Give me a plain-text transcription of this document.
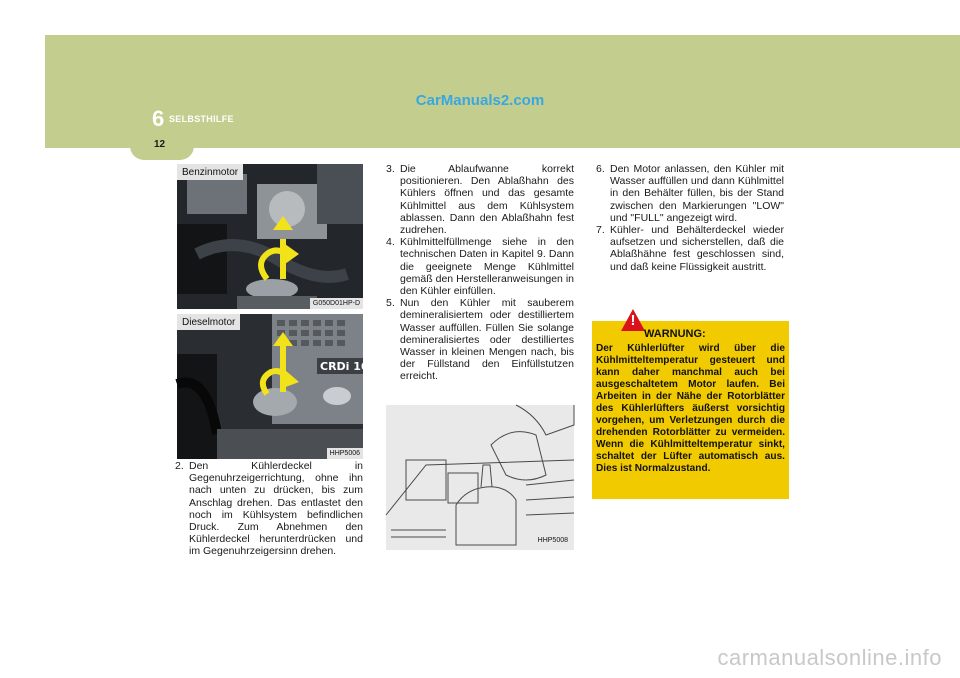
6 SELBSTHILFE
12
CarManuals2.com
Benzinmotor
G050D01HP-D
CRDi 16
Dieselmotor
HHP5006
2. Den Kühlerdeckel in Gegenuhrzeigerrichtung, ohne ihn nach unten zu drücken, bis zum Anschlag drehen. Das entlastet den noch im Kühlsystem befindlichen Druck. Zum Abnehmen den Kühlerdeckel herunterdrücken und im Gegenuhrzeigersinn drehen.
3. Die Ablaufwanne korrekt positionieren. Den Ablaßhahn des Kühlers öffnen und das gesamte Kühlmittel aus dem Kühlsystem ablassen. Dann den Ablaßhahn fest zudrehen.
4. Kühlmittelfüllmenge siehe in den technischen Daten in Kapitel 9. Dann die geeignete Menge Kühlmittel gemäß den Herstelleranweisungen in den Kühler einfüllen.
5. Nun den Kühler mit sauberem demineralisiertem oder destilliertem Wasser auffüllen. Füllen Sie solange demineralisiertes oder destilliertes Wasser in kleinen Mengen nach, bis der Füllstand den Einfüllstutzen erreicht.
HHP5008
6. Den Motor anlassen, den Kühler mit Wasser auffüllen und dann Kühlmittel in den Behälter füllen, bis der Stand zwischen den Markierungen "LOW" und "FULL" angezeigt wird.
7. Kühler- und Behälterdeckel wieder aufsetzen und sicherstellen, daß die Ablaßhähne fest geschlossen sind, und daß keine Flüssigkeit austritt.
!
WARNUNG:
Der Kühlerlüfter wird über die Kühlmitteltemperatur gesteuert und kann daher manchmal auch bei ausgeschaltetem Motor laufen. Bei Arbeiten in der Nähe der Rotorblätter des Kühlerlüfters äußerst vorsichtig vorgehen, um Verletzungen durch die drehenden Rotorblätter zu vermeiden. Wenn die Kühlmitteltemperatur sinkt, schaltet der Lüfter automatisch aus. Dies ist Normalzustand.
carmanualsonline.info
